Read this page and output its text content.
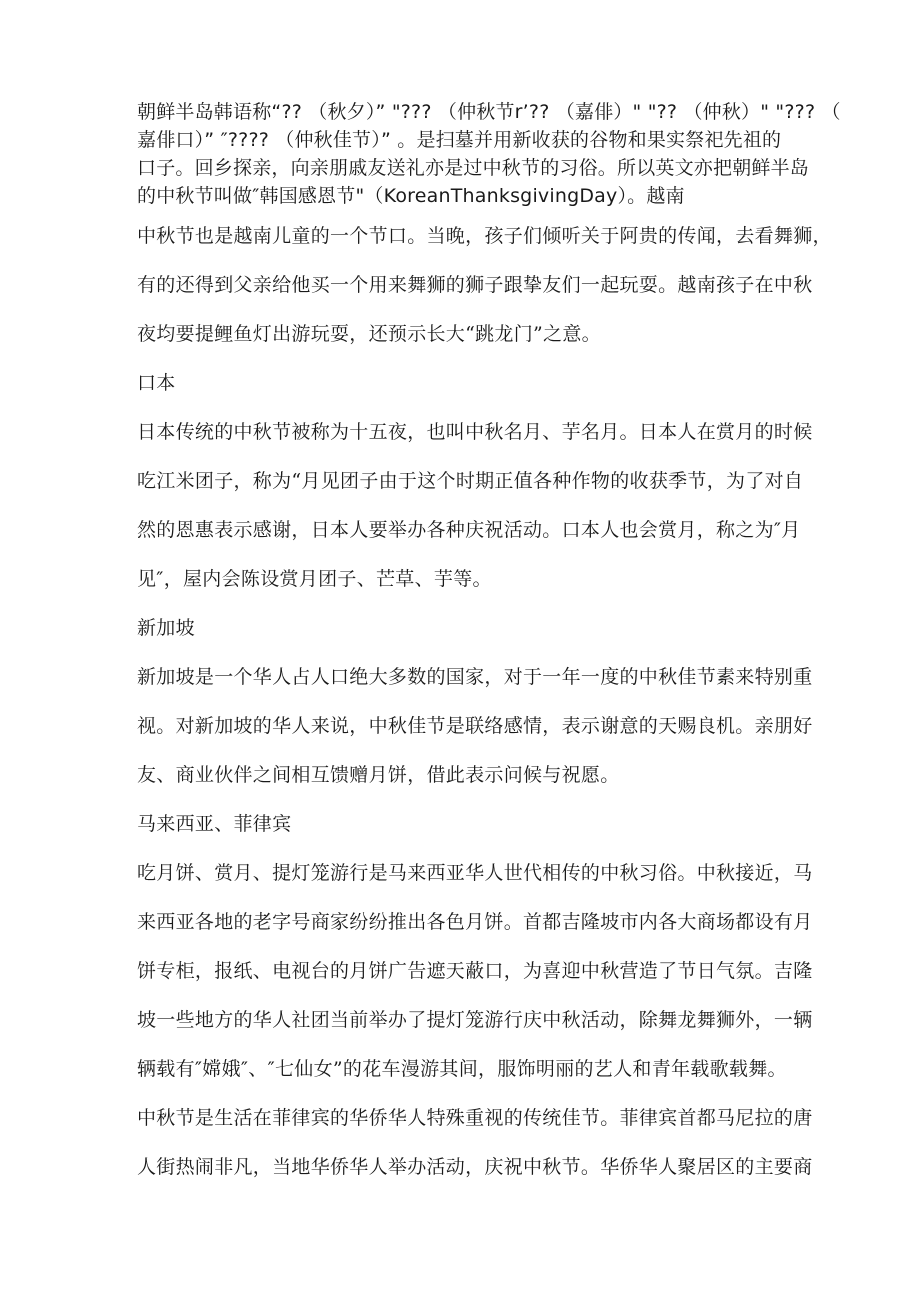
朝鲜半岛韩语称“?? （秋夕）” "??? （仲秋节r’?? （嘉俳）" "?? （仲秋）" "??? （

嘉俳口）” ″???? （仲秋佳节）” 。是扫墓并用新收获的谷物和果实祭祀先祖的

口子。回乡探亲，向亲朋戚友送礼亦是过中秋节的习俗。所以英文亦把朝鲜半岛

的中秋节叫做″韩国感恩节"（KoreanThanksgivingDay）。越南

中秋节也是越南儿童的一个节口。当晚，孩子们倾听关于阿贵的传闻，去看舞狮，
有的还得到父亲给他买一个用来舞狮的狮子跟挚友们一起玩耍。越南孩子在中秋
夜均要提鲤鱼灯出游玩耍，还预示长大“跳龙门”之意。
口本
日本传统的中秋节被称为十五夜，也叫中秋名月、芋名月。日本人在赏月的时候
吃江米团子，称为“月见团子由于这个时期正值各种作物的收获季节，为了对自
然的恩惠表示感谢，日本人要举办各种庆祝活动。口本人也会赏月，称之为″月
见″，屋内会陈设赏月团子、芒草、芋等。
新加坡
新加坡是一个华人占人口绝大多数的国家，对于一年一度的中秋佳节素来特别重
视。对新加坡的华人来说，中秋佳节是联络感情，表示谢意的天赐良机。亲朋好
友、商业伙伴之间相互馈赠月饼，借此表示问候与祝愿。
马来西亚、菲律宾
吃月饼、赏月、提灯笼游行是马来西亚华人世代相传的中秋习俗。中秋接近，马
来西亚各地的老字号商家纷纷推出各色月饼。首都吉隆坡市内各大商场都设有月
饼专柜，报纸、电视台的月饼广告遮天蔽口，为喜迎中秋营造了节日气氛。吉隆
坡一些地方的华人社团当前举办了提灯笼游行庆中秋活动，除舞龙舞狮外，一辆
辆载有″嫦娥″、″七仙女”的花车漫游其间，服饰明丽的艺人和青年载歌载舞。
中秋节是生活在菲律宾的华侨华人特殊重视的传统佳节。菲律宾首都马尼拉的唐
人街热闹非凡，当地华侨华人举办活动，庆祝中秋节。华侨华人聚居区的主要商
